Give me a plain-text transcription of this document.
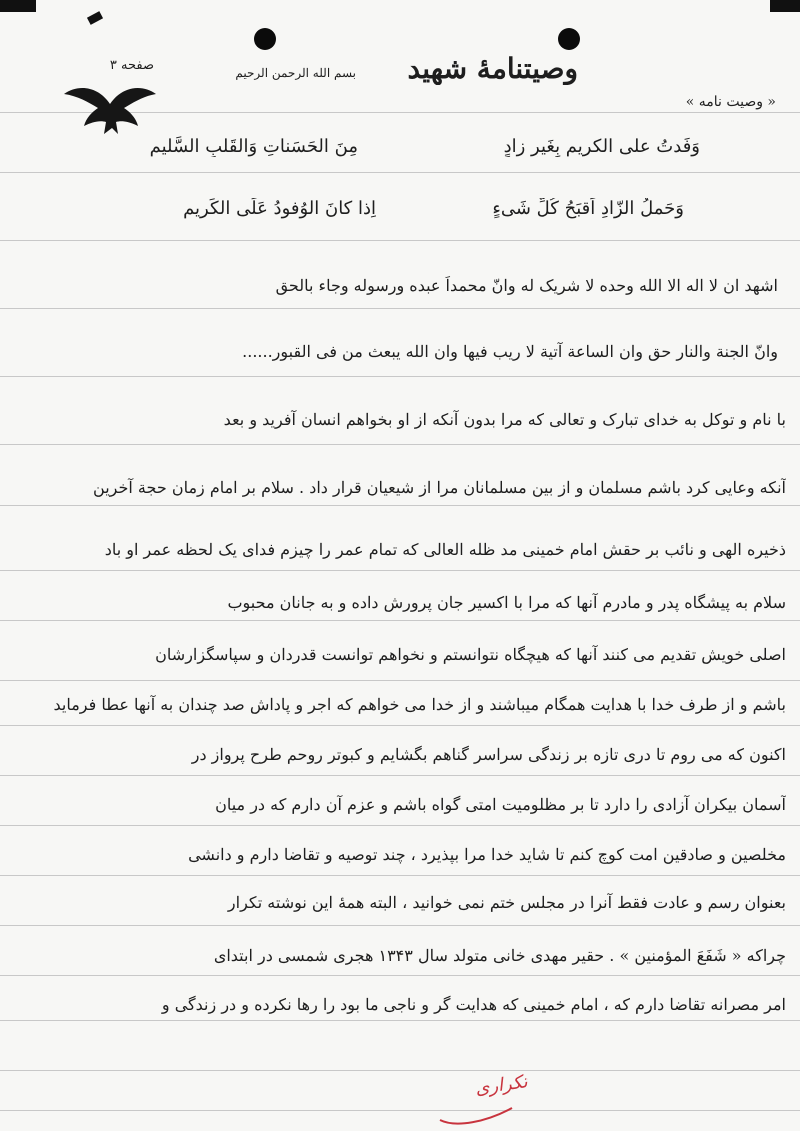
وصیتنامهٔ شهید
بسم الله الرحمن الرحیم
صفحه ۳
« وصیت نامه »
وَفَدتُ علی الکریمِ بِغَیرِ زادٍ
مِنَ الحَسَناتِ وَالقَلبِ السَّلیمِ
وَحَملُ الزّادِ اَقبَحُ کُلِّ شَیءٍ
اِذا کانَ الوُفودُ عَلَی الکَریمِ
اشهد ان لا اله الا الله وحده لا شریک له وانّ محمداً عبده ورسوله وجاء بالحق
وانّ الجنة والنار حق وان الساعة آتیة لا ریب فیها وان الله یبعث من فی القبور......
با نام و توکل به خدای تبارک و تعالی که مرا بدون آنکه از او بخواهم انسان آفرید و بعد
آنکه وعایی کرد باشم مسلمان و از بین مسلمانان مرا از شیعیان قرار داد . سلام بر امام زمان حجة آخرین
ذخیره الهی و نائب بر حقش امام خمینی مد ظله العالی که تمام عمر را چیزم فدای یک لحظه عمر او باد
سلام به پیشگاه پدر و مادرم آنها که مرا با اکسیر جان پرورش داده و به جانان محبوب
اصلی خویش تقدیم می کنند آنها که هیچگاه نتوانستم و نخواهم توانست قدردان و سپاسگزارشان
باشم و از طرف خدا با هدایت همگام میباشند و از خدا می خواهم که اجر و پاداش صد چندان به آنها عطا فرماید
اکنون که می روم تا دری تازه بر زندگی سراسر گناهم بگشایم و کبوتر روحم طرح پرواز در
آسمان بیکران آزادی را دارد تا بر مظلومیت امتی گواه باشم و عزم آن دارم که در میان
مخلصین و صادقین امت کوچ کنم تا شاید خدا مرا بپذیرد ، چند توصیه و تقاضا دارم و دانشی
بعنوان رسم و عادت فقط آنرا در مجلس ختم نمی خوانید ، البته همهٔ این نوشته تکرار
چراکه « شَفَعَ المؤمنین » . حقیر مهدی خانی متولد سال ۱۳۴۳ هجری شمسی در ابتدای
امر مصرانه تقاضا دارم که ، امام خمینی که هدایت گر و ناجی ما بود را رها نکرده و در زندگی و
تکراری
